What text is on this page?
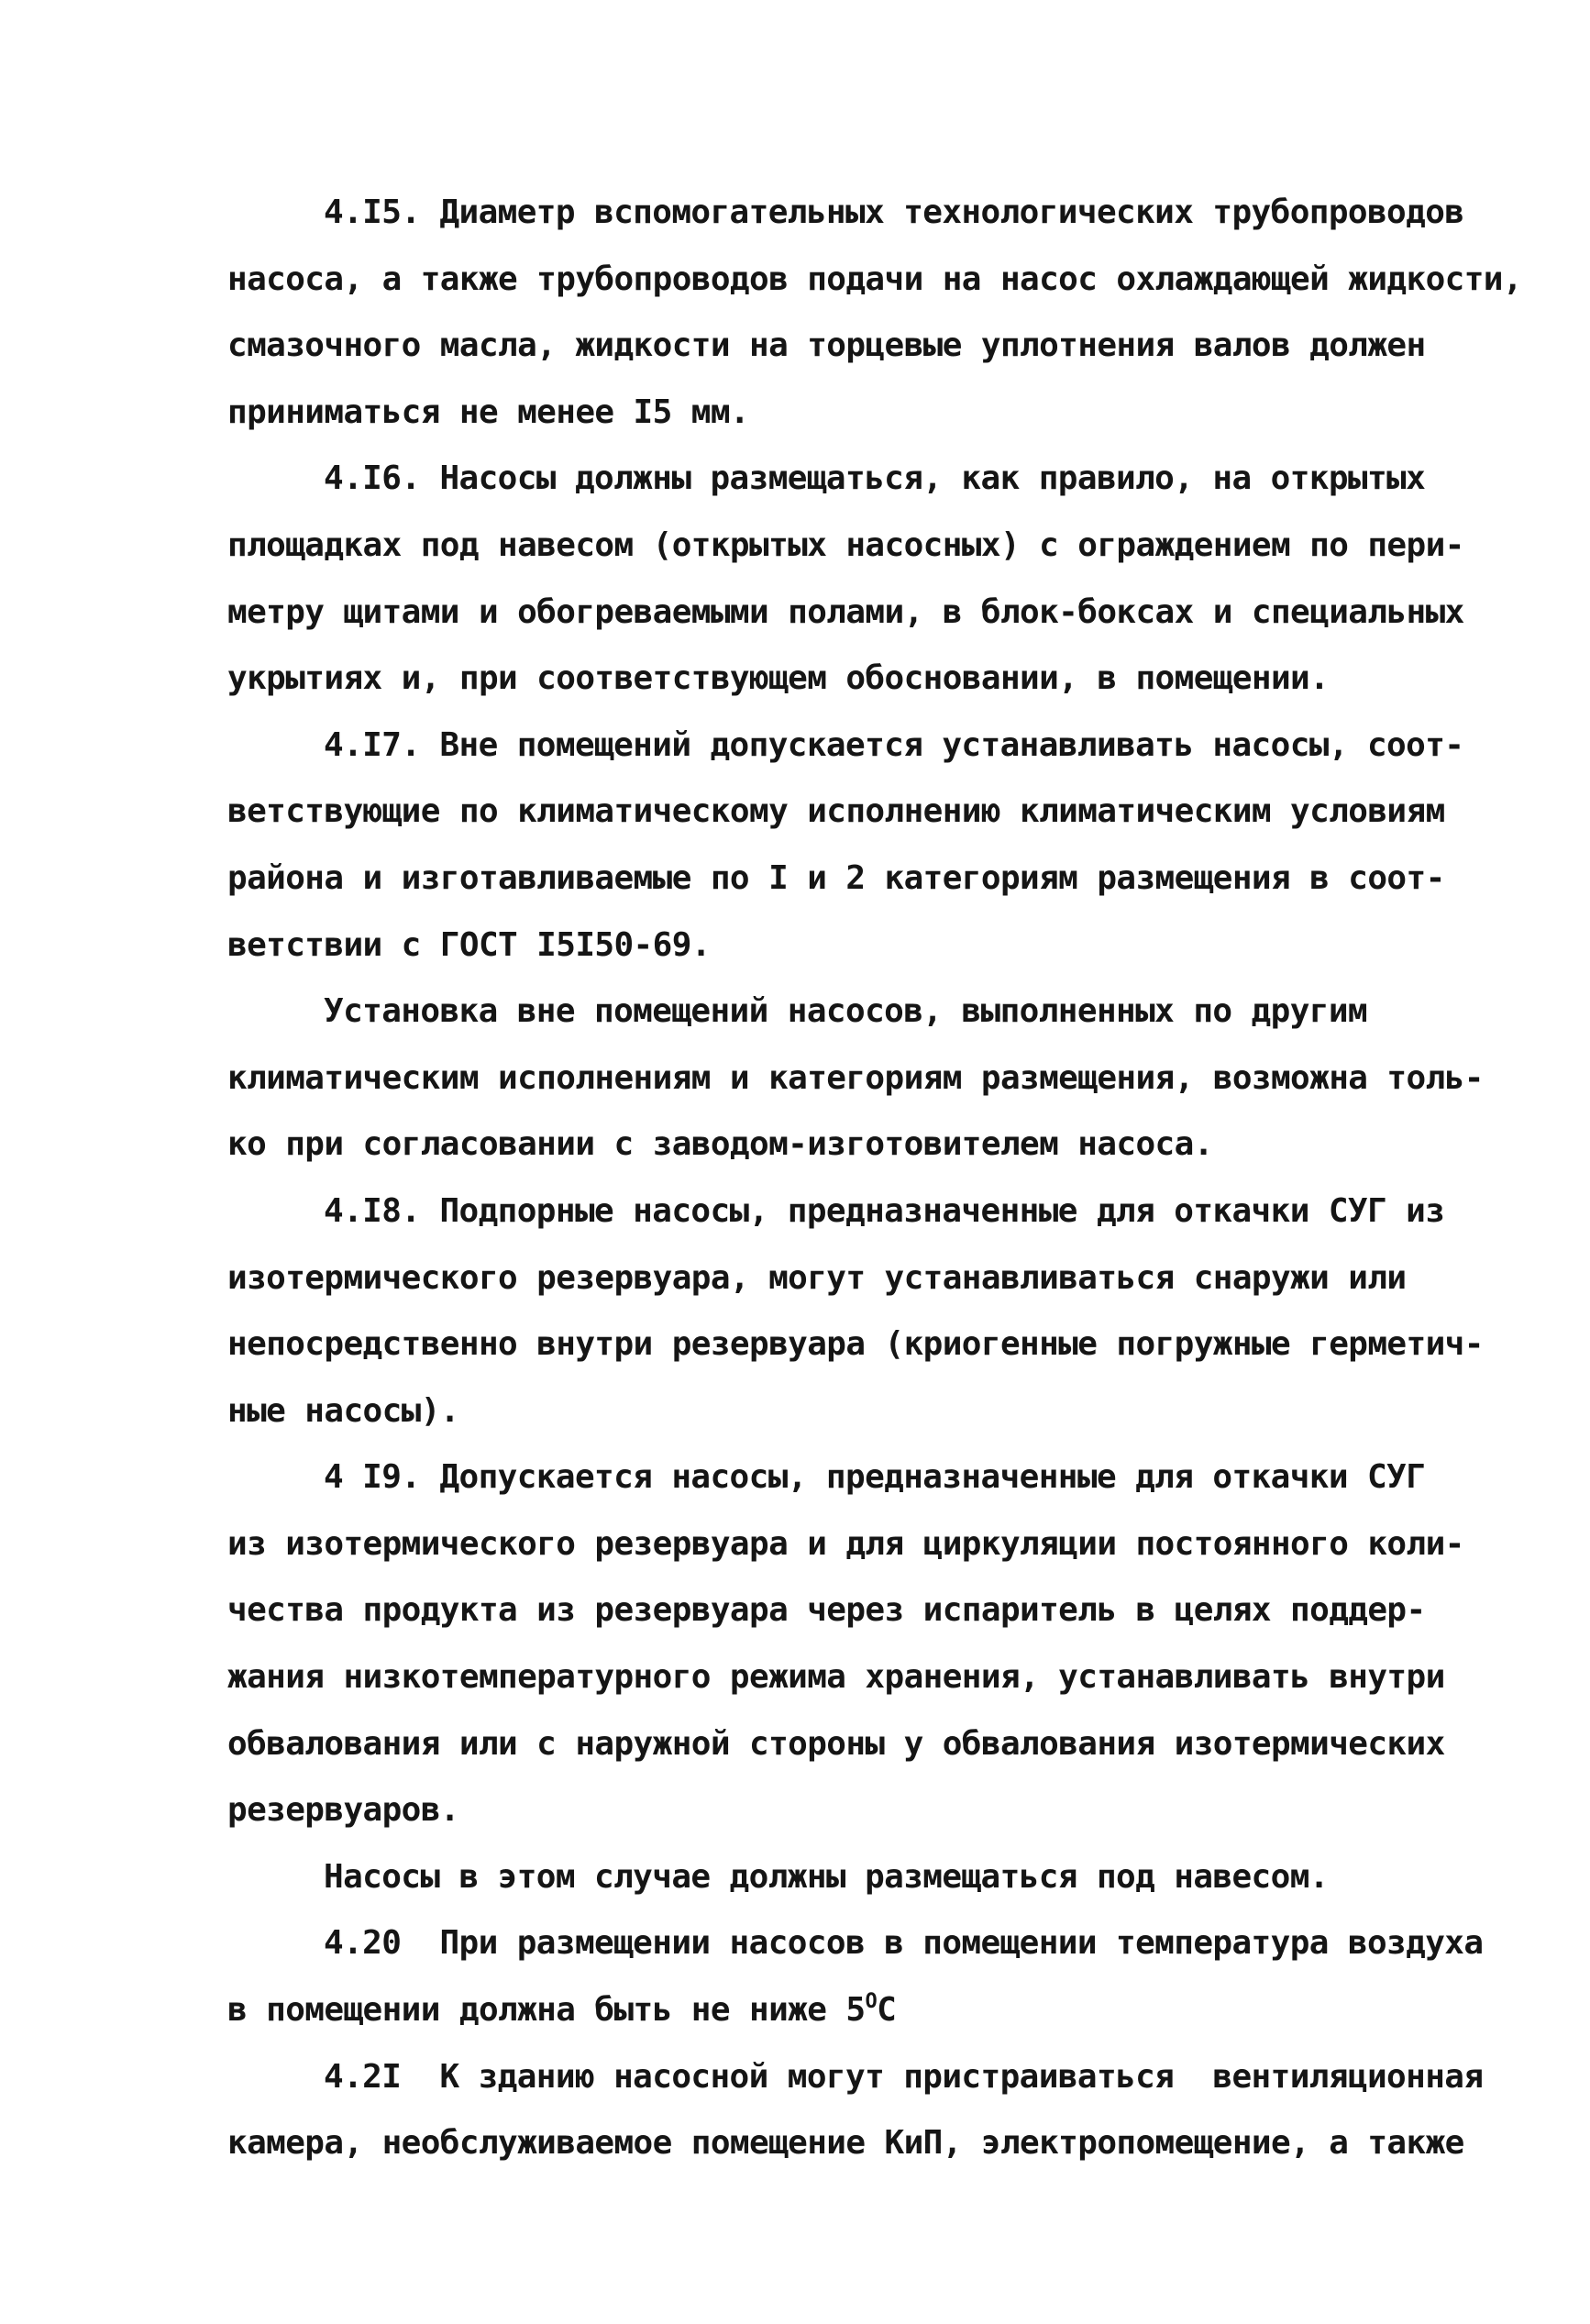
4.I5. Диаметр вспомогательных технологических трубопроводов
насоса, а также трубопроводов подачи на насос охлаждающей жидкости,
смазочного масла, жидкости на торцевые уплотнения валов должен
приниматься не менее I5 мм.
4.I6. Насосы должны размещаться, как правило, на открытых
площадках под навесом (открытых насосных) с ограждением по пери-
метру щитами и обогреваемыми полами, в блок-боксах и специальных
укрытиях и, при соответствующем обосновании, в помещении.
4.I7. Вне помещений допускается устанавливать насосы, соот-
ветствующие по климатическому исполнению климатическим условиям
района и изготавливаемые по I и 2 категориям размещения в соот-
ветствии с ГОСТ I5I50-69.
Установка вне помещений насосов, выполненных по другим
климатическим исполнениям и категориям размещения, возможна толь-
ко при согласовании с заводом-изготовителем насоса.
4.I8. Подпорные насосы, предназначенные для откачки СУГ из
изотермического резервуара, могут устанавливаться снаружи или
непосредственно внутри резервуара (криогенные погружные герметич-
ные насосы).
4 I9. Допускается насосы, предназначенные для откачки СУГ
из изотермического резервуара и для циркуляции постоянного коли-
чества продукта из резервуара через испаритель в целях поддер-
жания низкотемпературного режима хранения, устанавливать внутри
обвалования или с наружной стороны у обвалования изотермических
резервуаров.
Насосы в этом случае должны размещаться под навесом.
4.20  При размещении насосов в помещении температура воздуха
в помещении должна быть не ниже $5^ОС$
4.2I  К зданию насосной могут пристраиваться  вентиляционная
камера, необслуживаемое помещение КиП, электропомещение, а также
